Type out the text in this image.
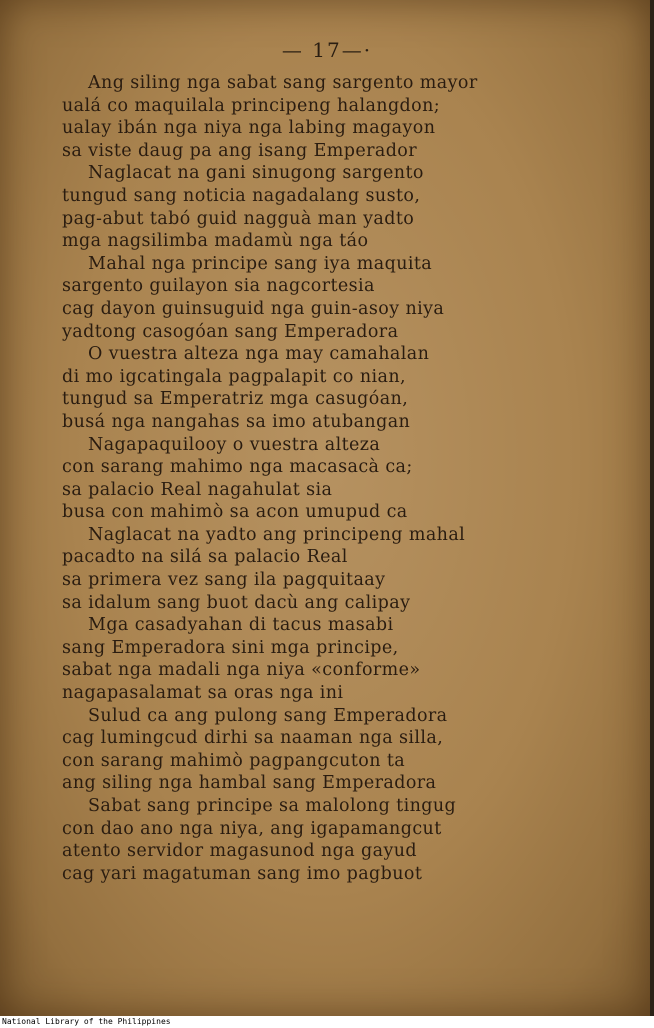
— 17—·
Ang siling nga sabat sang sargento mayor
ualá co maquilala principeng halangdon;
ualay ibán nga niya nga labing magayon
sa viste daug pa ang isang Emperador
Naglacat na gani sinugong sargento
tungud sang noticia nagadalang susto,
pag-abut tabó guid nagguà man yadto
mga nagsilimba madamù nga táo
Mahal nga principe sang iya maquita
sargento guilayon sia nagcortesia
cag dayon guinsuguid nga guin-asoy niya
yadtong casogóan sang Emperadora
O vuestra alteza nga may camahalan
di mo igcatingala pagpalapit co nian,
tungud sa Emperatriz mga casugóan,
busá nga nangahas sa imo atubangan
Nagapaquilooy o vuestra alteza
con sarang mahimo nga macasacà ca;
sa palacio Real nagahulat sia
busa con mahimò sa acon umupud ca
Naglacat na yadto ang principeng mahal
pacadto na silá sa palacio Real
sa primera vez sang ila pagquitaay
sa idalum sang buot dacù ang calipay
Mga casadyahan di tacus masabi
sang Emperadora sini mga principe,
sabat nga madali nga niya «conforme»
nagapasalamat sa oras nga ini
Sulud ca ang pulong sang Emperadora
cag lumingcud dirhi sa naaman nga silla,
con sarang mahimò pagpangcuton ta
ang siling nga hambal sang Emperadora
Sabat sang principe sa malolong tingug
con dao ano nga niya, ang igapamangcut
atento servidor magasunod nga gayud
cag yari magatuman sang imo pagbuot
National Library of the Philippines
